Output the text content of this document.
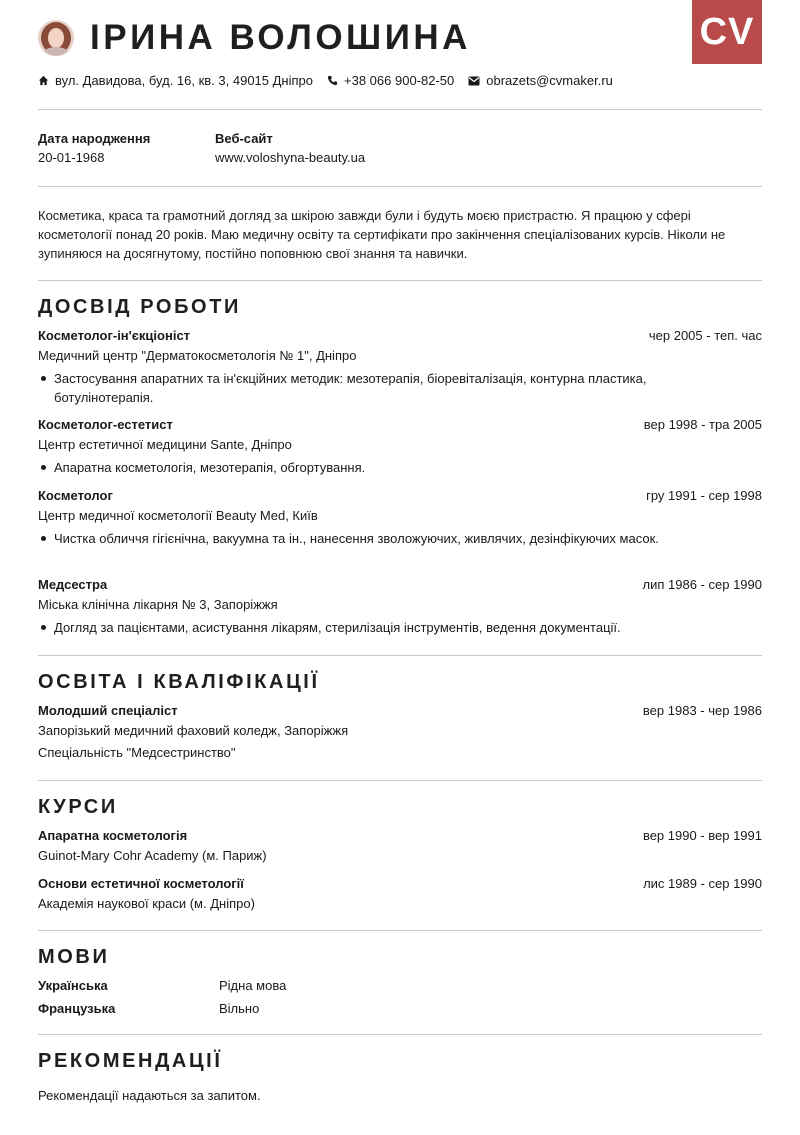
CV
ІРИНА ВОЛОШИНА
вул. Давидова, буд. 16, кв. 3, 49015 Дніпро +38 066 900-82-50 obrazets@cvmaker.ru
Дата народження
20-01-1968
Веб-сайт
www.voloshyna-beauty.ua
Косметика, краса та грамотний догляд за шкірою завжди були і будуть моєю пристрастю. Я працюю у сфері косметології понад 20 років. Маю медичну освіту та сертифікати про закінчення спеціалізованих курсів. Ніколи не зупиняюся на досягнутому, постійно поповнюю свої знання та навички.
ДОСВІД РОБОТИ
Косметолог-ін'єкціоніст	чер 2005 - теп. час
Медичний центр "Дерматокосметологія № 1", Дніпро
Застосування апаратних та ін'єкційних методик: мезотерапія, біоревіталізація, контурна пластика, ботулінотерапія.
Косметолог-естетист	вер 1998 - тра 2005
Центр естетичної медицини Sante, Дніпро
Апаратна косметологія, мезотерапія, обгортування.
Косметолог	гру 1991 - сер 1998
Центр медичної косметології Beauty Med, Київ
Чистка обличчя гігієнічна, вакуумна та ін., нанесення зволожуючих, живлячих, дезінфікуючих масок.
Медсестра	лип 1986 - сер 1990
Міська клінічна лікарня № 3, Запоріжжя
Догляд за пацієнтами, асистування лікарям, стерилізація інструментів, ведення документації.
ОСВІТА І КВАЛІФІКАЦІЇ
Молодший спеціаліст	вер 1983 - чер 1986
Запорізький медичний фаховий коледж, Запоріжжя
Спеціальність "Медсестринство"
КУРСИ
Апаратна косметологія	вер 1990 - вер 1991
Guinot-Mary Cohr Academy (м. Париж)
Основи естетичної косметології	лис 1989 - сер 1990
Академія наукової краси (м. Дніпро)
МОВИ
Українська	Рідна мова
Французька	Вільно
РЕКОМЕНДАЦІЇ
Рекомендації надаються за запитом.
